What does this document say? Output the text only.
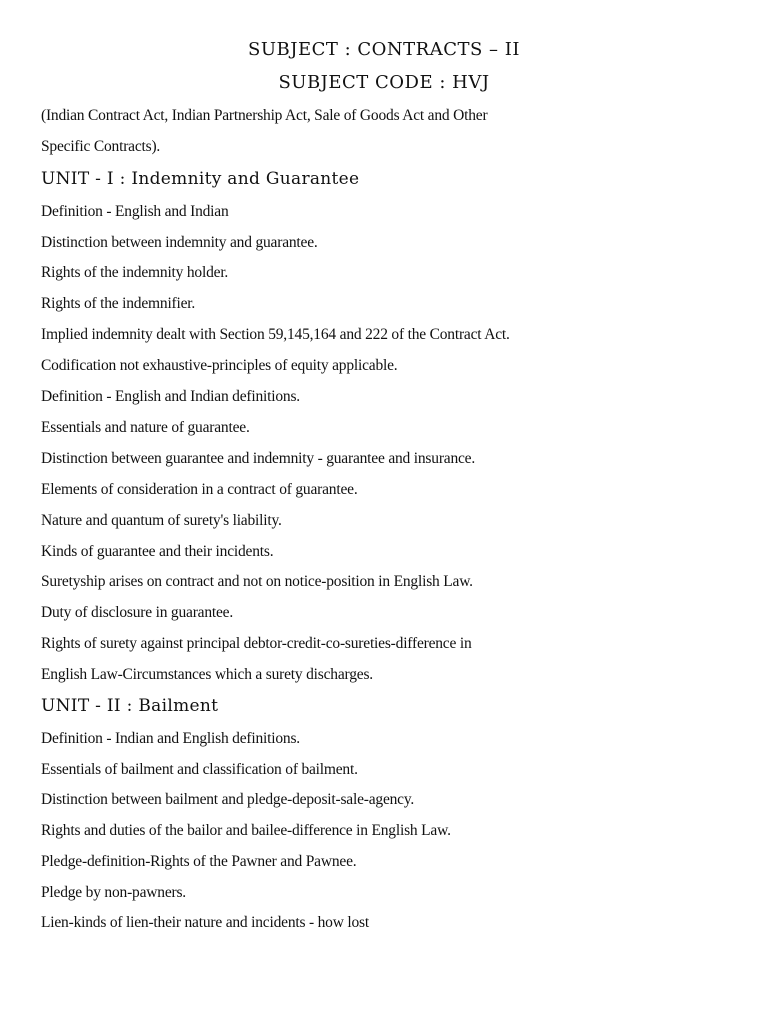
SUBJECT : CONTRACTS – II
SUBJECT CODE : HVJ
(Indian Contract Act, Indian Partnership Act, Sale of Goods Act and Other
Specific Contracts).
UNIT - I : Indemnity and Guarantee
Definition - English and Indian
Distinction between indemnity and guarantee.
Rights of the indemnity holder.
Rights of the indemnifier.
Implied indemnity dealt with Section 59,145,164 and 222 of the Contract Act.
Codification not exhaustive-principles of equity applicable.
Definition - English and Indian definitions.
Essentials and nature of guarantee.
Distinction between guarantee and indemnity - guarantee and insurance.
Elements of consideration in a contract of guarantee.
Nature and quantum of surety's liability.
Kinds of guarantee and their incidents.
Suretyship arises on contract and not on notice-position in English Law.
Duty of disclosure in guarantee.
Rights of surety against principal debtor-credit-co-sureties-difference in
English Law-Circumstances which a surety discharges.
UNIT - II : Bailment
Definition - Indian and English definitions.
Essentials of bailment and classification of bailment.
Distinction between bailment and pledge-deposit-sale-agency.
Rights and duties of the bailor and bailee-difference in English Law.
Pledge-definition-Rights of the Pawner and Pawnee.
Pledge by non-pawners.
Lien-kinds of lien-their nature and incidents - how lost
